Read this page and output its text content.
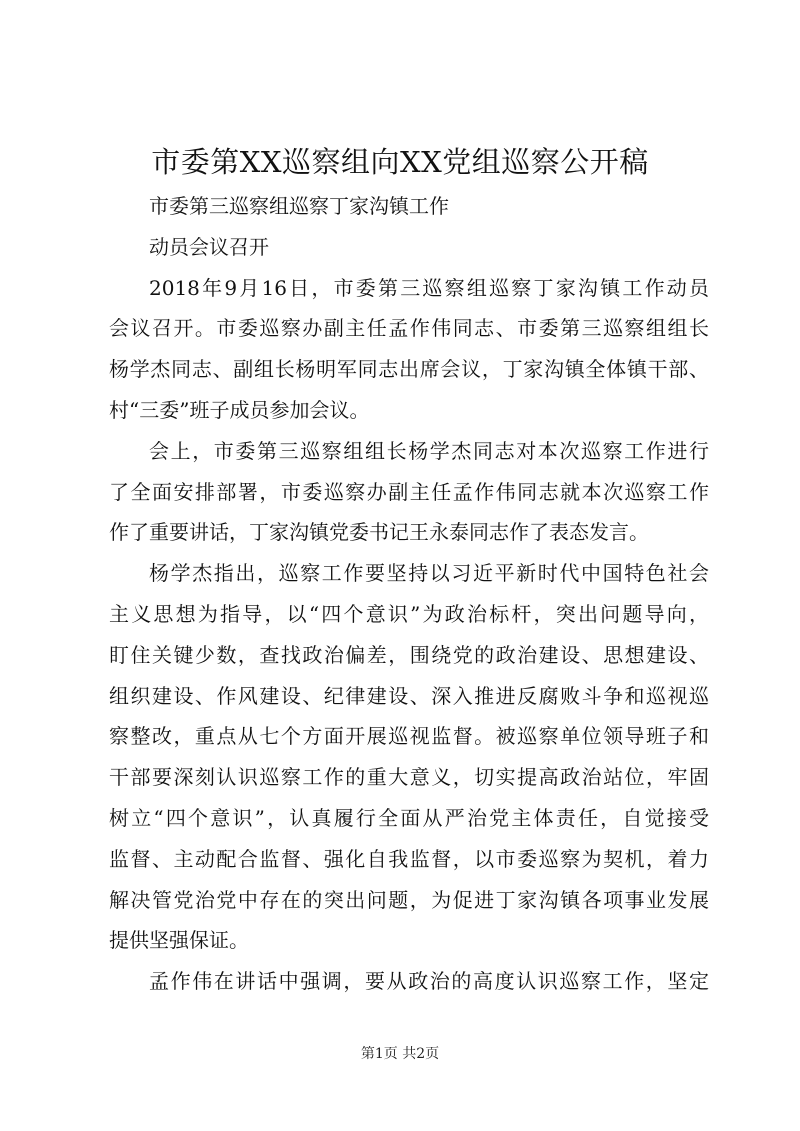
市委第XX巡察组向XX党组巡察公开稿
市委第三巡察组巡察丁家沟镇工作
动员会议召开
2018年9月16日，市委第三巡察组巡察丁家沟镇工作动员
会议召开。市委巡察办副主任孟作伟同志、市委第三巡察组组长
杨学杰同志、副组长杨明军同志出席会议，丁家沟镇全体镇干部、
村“三委”班子成员参加会议。
会上，市委第三巡察组组长杨学杰同志对本次巡察工作进行
了全面安排部署，市委巡察办副主任孟作伟同志就本次巡察工作
作了重要讲话，丁家沟镇党委书记王永泰同志作了表态发言。
杨学杰指出，巡察工作要坚持以习近平新时代中国特色社会
主义思想为指导，以“四个意识”为政治标杆，突出问题导向，
盯住关键少数，查找政治偏差，围绕党的政治建设、思想建设、
组织建设、作风建设、纪律建设、深入推进反腐败斗争和巡视巡
察整改，重点从七个方面开展巡视监督。被巡察单位领导班子和
干部要深刻认识巡察工作的重大意义，切实提高政治站位，牢固
树立“四个意识”，认真履行全面从严治党主体责任，自觉接受
监督、主动配合监督、强化自我监督，以市委巡察为契机，着力
解决管党治党中存在的突出问题，为促进丁家沟镇各项事业发展
提供坚强保证。
孟作伟在讲话中强调，要从政治的高度认识巡察工作，坚定
第1页 共2页
